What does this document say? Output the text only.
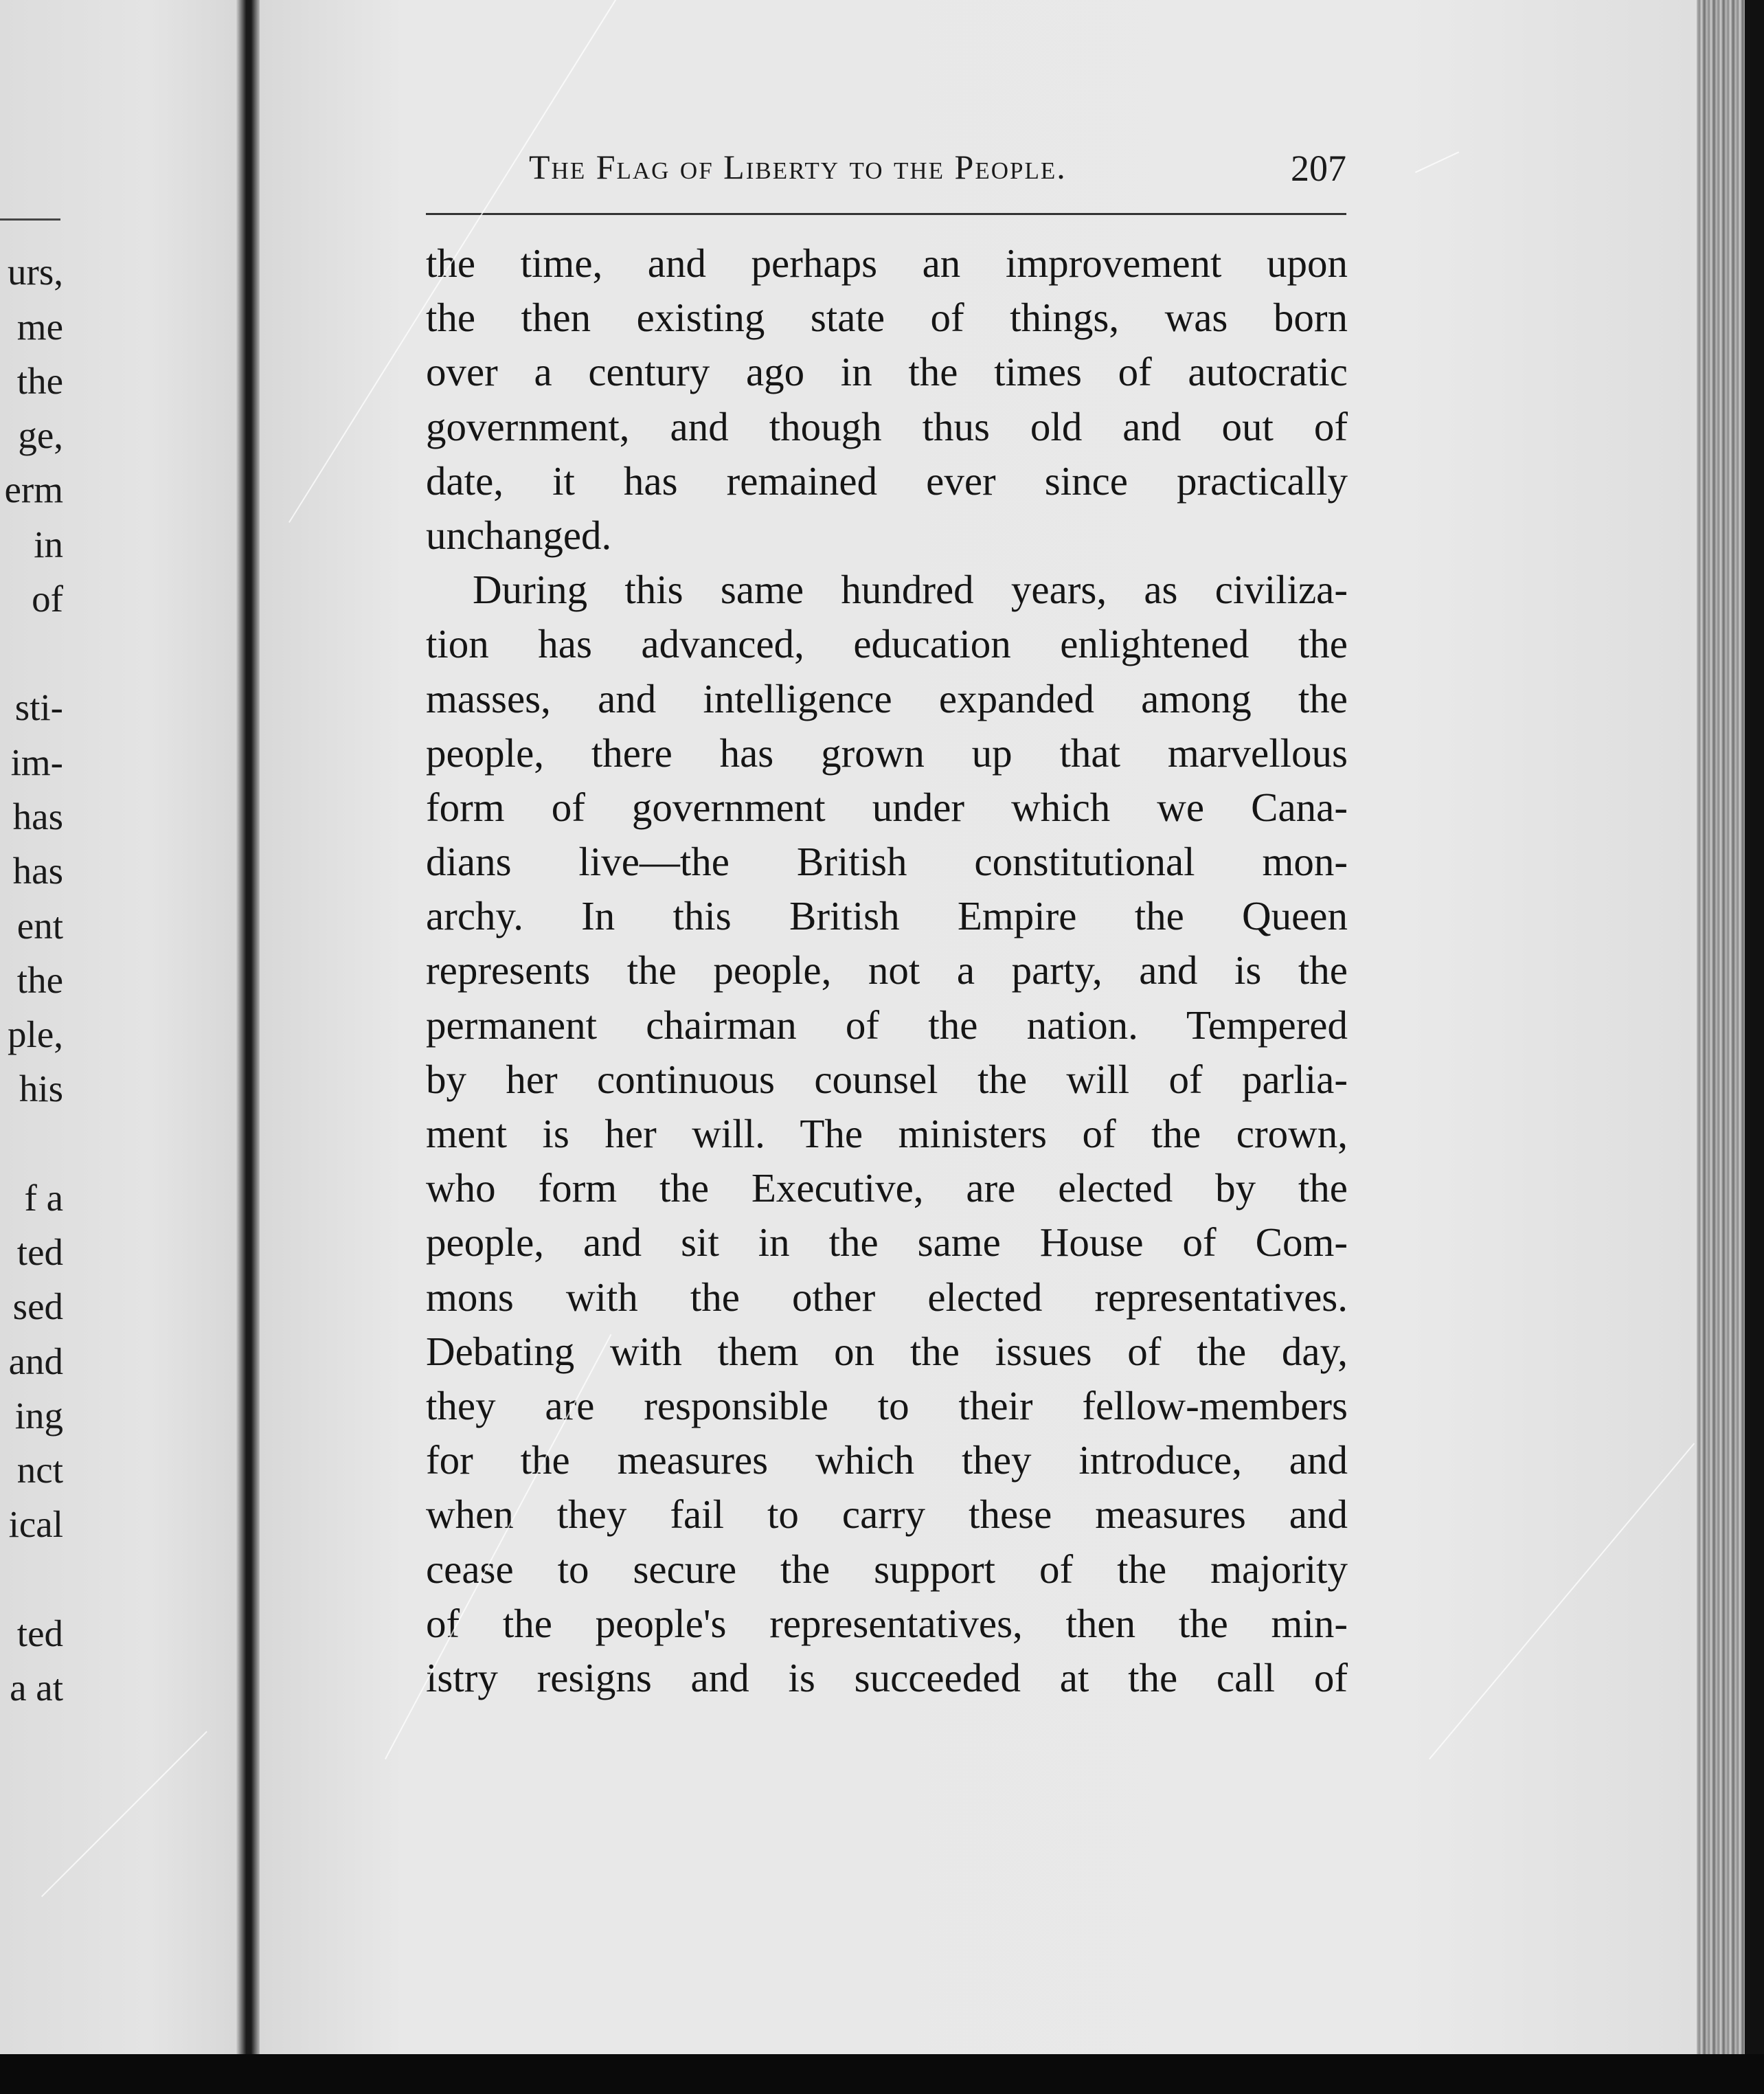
urs,
me
the
ge,
erm
in
of
sti-
im-
has
has
ent
the
ple,
his
f a
ted
sed
and
ing
nct
ical
ted
a at
The Flag of Liberty to the People.	207
the time, and perhaps an improvement upon
the then existing state of things, was born
over a century ago in the times of autocratic
government, and though thus old and out of
date, it has remained ever since practically
unchanged.
During this same hundred years, as civiliza-
tion has advanced, education enlightened the
masses, and intelligence expanded among the
people, there has grown up that marvellous
form of government under which we Cana-
dians live—the British constitutional mon-
archy. In this British Empire the Queen
represents the people, not a party, and is the
permanent chairman of the nation. Tempered
by her continuous counsel the will of parlia-
ment is her will. The ministers of the crown,
who form the Executive, are elected by the
people, and sit in the same House of Com-
mons with the other elected representatives.
Debating with them on the issues of the day,
they are responsible to their fellow-members
for the measures which they introduce, and
when they fail to carry these measures and
cease to secure the support of the majority
of the people's representatives, then the min-
istry resigns and is succeeded at the call of
